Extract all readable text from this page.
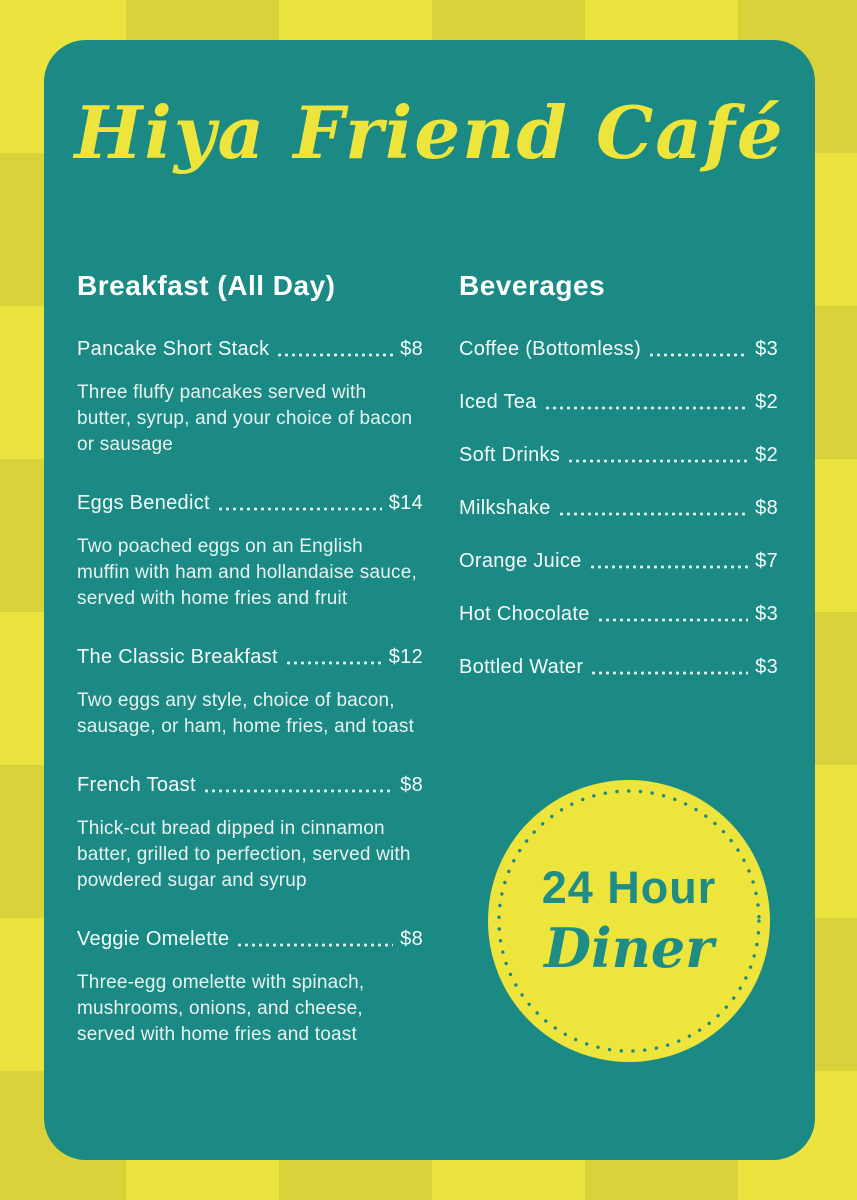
Hiya Friend Café
Breakfast (All Day)
Pancake Short Stack	$8

Three fluffy pancakes served with butter, syrup, and your choice of bacon or sausage

Eggs Benedict	$14

Two poached eggs on an English muffin with ham and hollandaise sauce, served with home fries and fruit

The Classic Breakfast	$12

Two eggs any style, choice of bacon, sausage, or ham, home fries, and toast

French Toast	$8

Thick-cut bread dipped in cinnamon batter, grilled to perfection, served with powdered sugar and syrup

Veggie Omelette	$8

Three-egg omelette with spinach, mushrooms, onions, and cheese, served with home fries and toast

Beverages
Coffee (Bottomless)	$3
Iced Tea	$2
Soft Drinks	$2
Milkshake	$8
Orange Juice	$7
Hot Chocolate	$3
Bottled Water	$3
24 Hour
Diner
